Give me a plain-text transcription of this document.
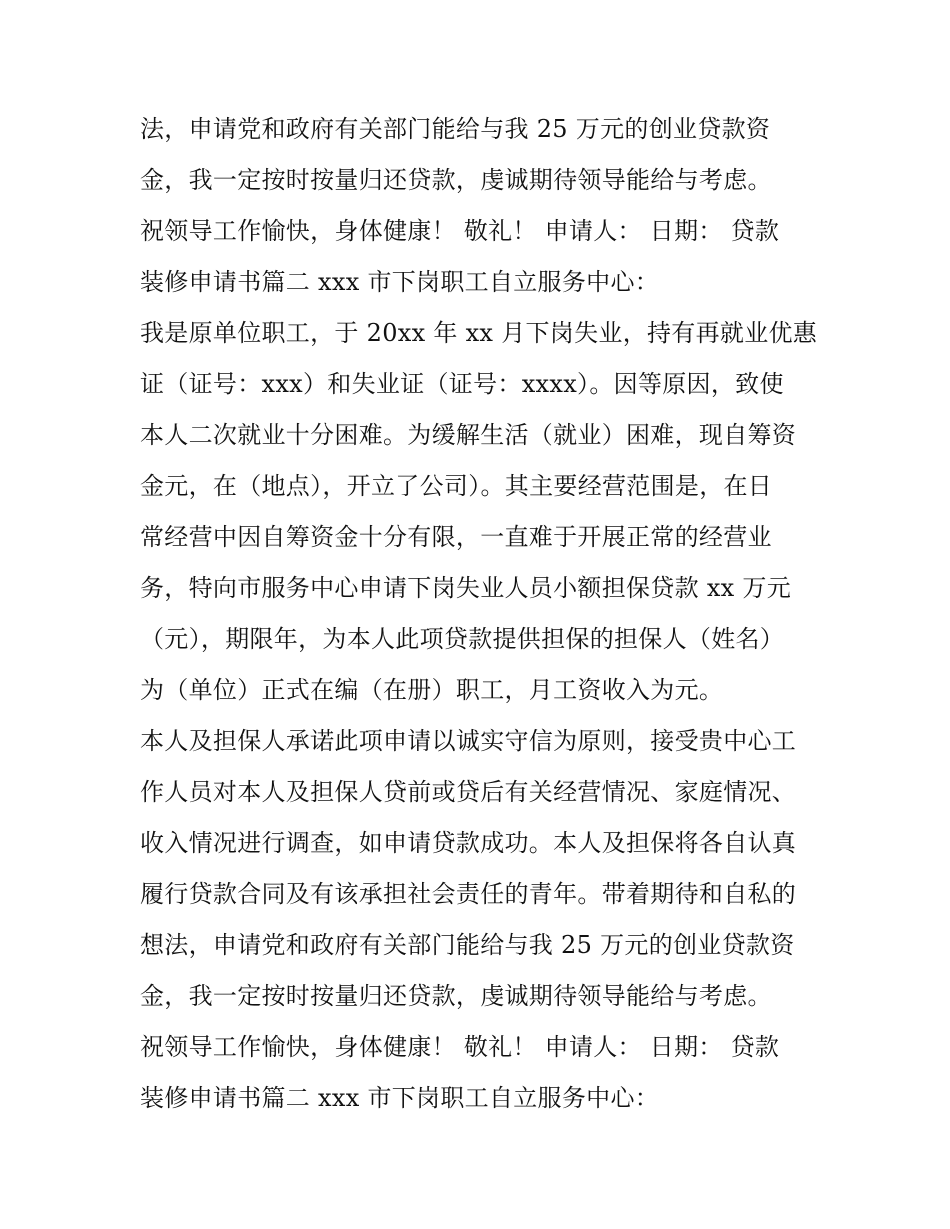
法，申请党和政府有关部门能给与我 25 万元的创业贷款资
金，我一定按时按量归还贷款，虔诚期待领导能给与考虑。
祝领导工作愉快，身体健康！ 敬礼！ 申请人： 日期： 贷款
装修申请书篇二 xxx 市下岗职工自立服务中心：
我是原单位职工，于 20xx 年 xx 月下岗失业，持有再就业优惠
证（证号：xxx）和失业证（证号：xxxx）。因等原因，致使
本人二次就业十分困难。为缓解生活（就业）困难，现自筹资
金元，在（地点），开立了公司）。其主要经营范围是，在日
常经营中因自筹资金十分有限，一直难于开展正常的经营业
务，特向市服务中心申请下岗失业人员小额担保贷款 xx 万元
（元），期限年，为本人此项贷款提供担保的担保人（姓名）
为（单位）正式在编（在册）职工，月工资收入为元。
本人及担保人承诺此项申请以诚实守信为原则，接受贵中心工
作人员对本人及担保人贷前或贷后有关经营情况、家庭情况、
收入情况进行调查，如申请贷款成功。本人及担保将各自认真
履行贷款合同及有该承担社会责任的青年。带着期待和自私的
想法，申请党和政府有关部门能给与我 25 万元的创业贷款资
金，我一定按时按量归还贷款，虔诚期待领导能给与考虑。
祝领导工作愉快，身体健康！ 敬礼！ 申请人： 日期： 贷款
装修申请书篇二 xxx 市下岗职工自立服务中心：
